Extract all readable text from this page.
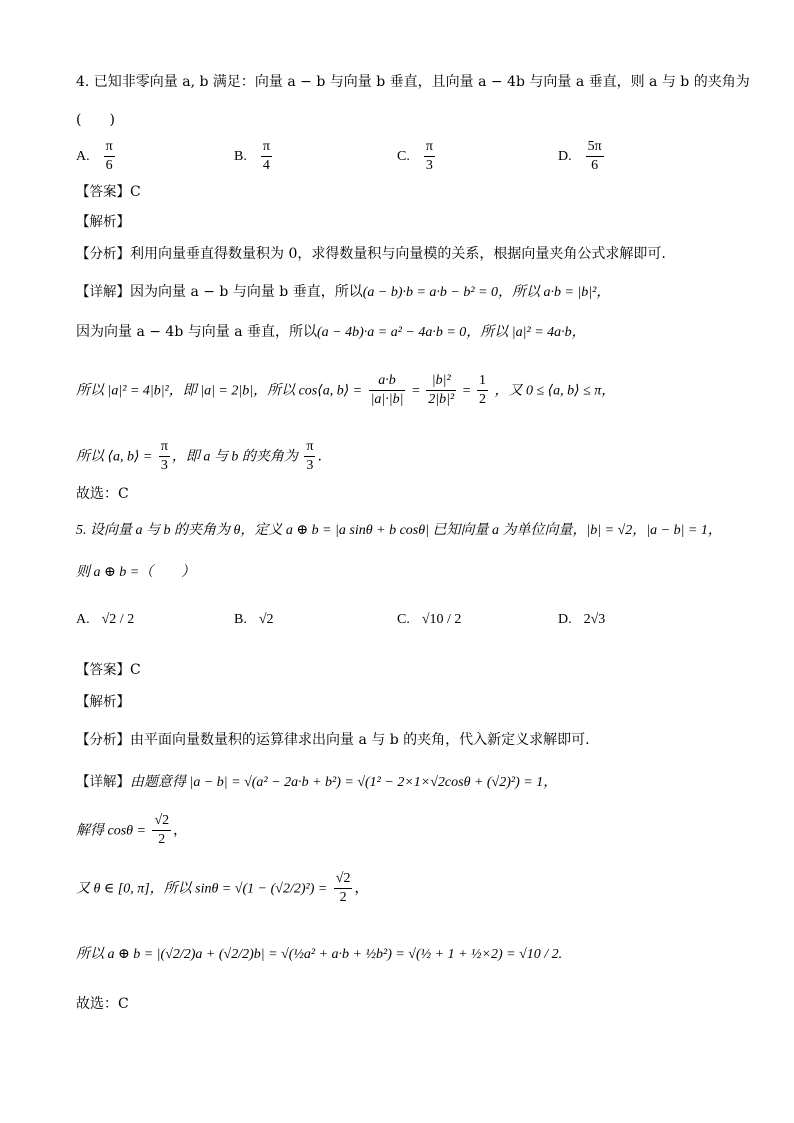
4. 已知非零向量 a, b 满足：向量 a − b 与向量 b 垂直，且向量 a − 4b 与向量 a 垂直，则 a 与 b 的夹角为
(　　)
A. $\frac{\pi}{6}$	B. $\frac{\pi}{4}$	C. $\frac{\pi}{3}$	D. $\frac{5\pi}{6}$
【答案】C
【解析】
【分析】利用向量垂直得数量积为 0，求得数量积与向量模的关系，根据向量夹角公式求解即可.
【详解】因为向量 a − b 与向量 b 垂直，所以(a − b)·b = a·b − b² = 0，所以 a·b = |b|²，
因为向量 a − 4b 与向量 a 垂直，所以(a − 4b)·a = a² − 4a·b = 0，所以 |a|² = 4a·b，
所以 |a|² = 4|b|²，即 |a| = 2|b|，所以 cos⟨a, b⟩ = $\frac{a\cdot b}{|a|\cdot|b|} = \frac{\text{|b|²}}{\text{2|b|²}} = \frac{1}{2}$ ，又 0 ≤ ⟨a, b⟩ ≤ π，
所以 ⟨a, b⟩ = $\frac{\pi}{3}$ ，即 a 与 b 的夹角为 $\frac{\pi}{3}$ .
故选：C
5. 设向量 a 与 b 的夹角为 θ，定义 a ⊕ b = |a sinθ + b cosθ| 已知向量 a 为单位向量，|b| = √2，|a − b| = 1，
则 a ⊕ b =（　　）
A. √2 / 2	B. √2	C. √10 / 2	D. 2√3
【答案】C
【解析】
【分析】由平面向量数量积的运算律求出向量 a 与 b 的夹角，代入新定义求解即可.
【详解】由题意得 |a − b| = √(a² − 2a·b + b²) = √(1² − 2×1×√2cosθ + (√2)²) = 1，
解得 $\cos\theta = \frac{√2}{2}$ ，
又 θ ∈ [0, π]，所以 $\sin\theta = √(1 - (√2/2)^2) = \frac{√2}{2}$ ，
所以 a ⊕ b = |(√2/2)a + (√2/2)b| = √(½a² + a·b + ½b²) = √(½ + 1 + ½×2) = √10 / 2.
故选：C
